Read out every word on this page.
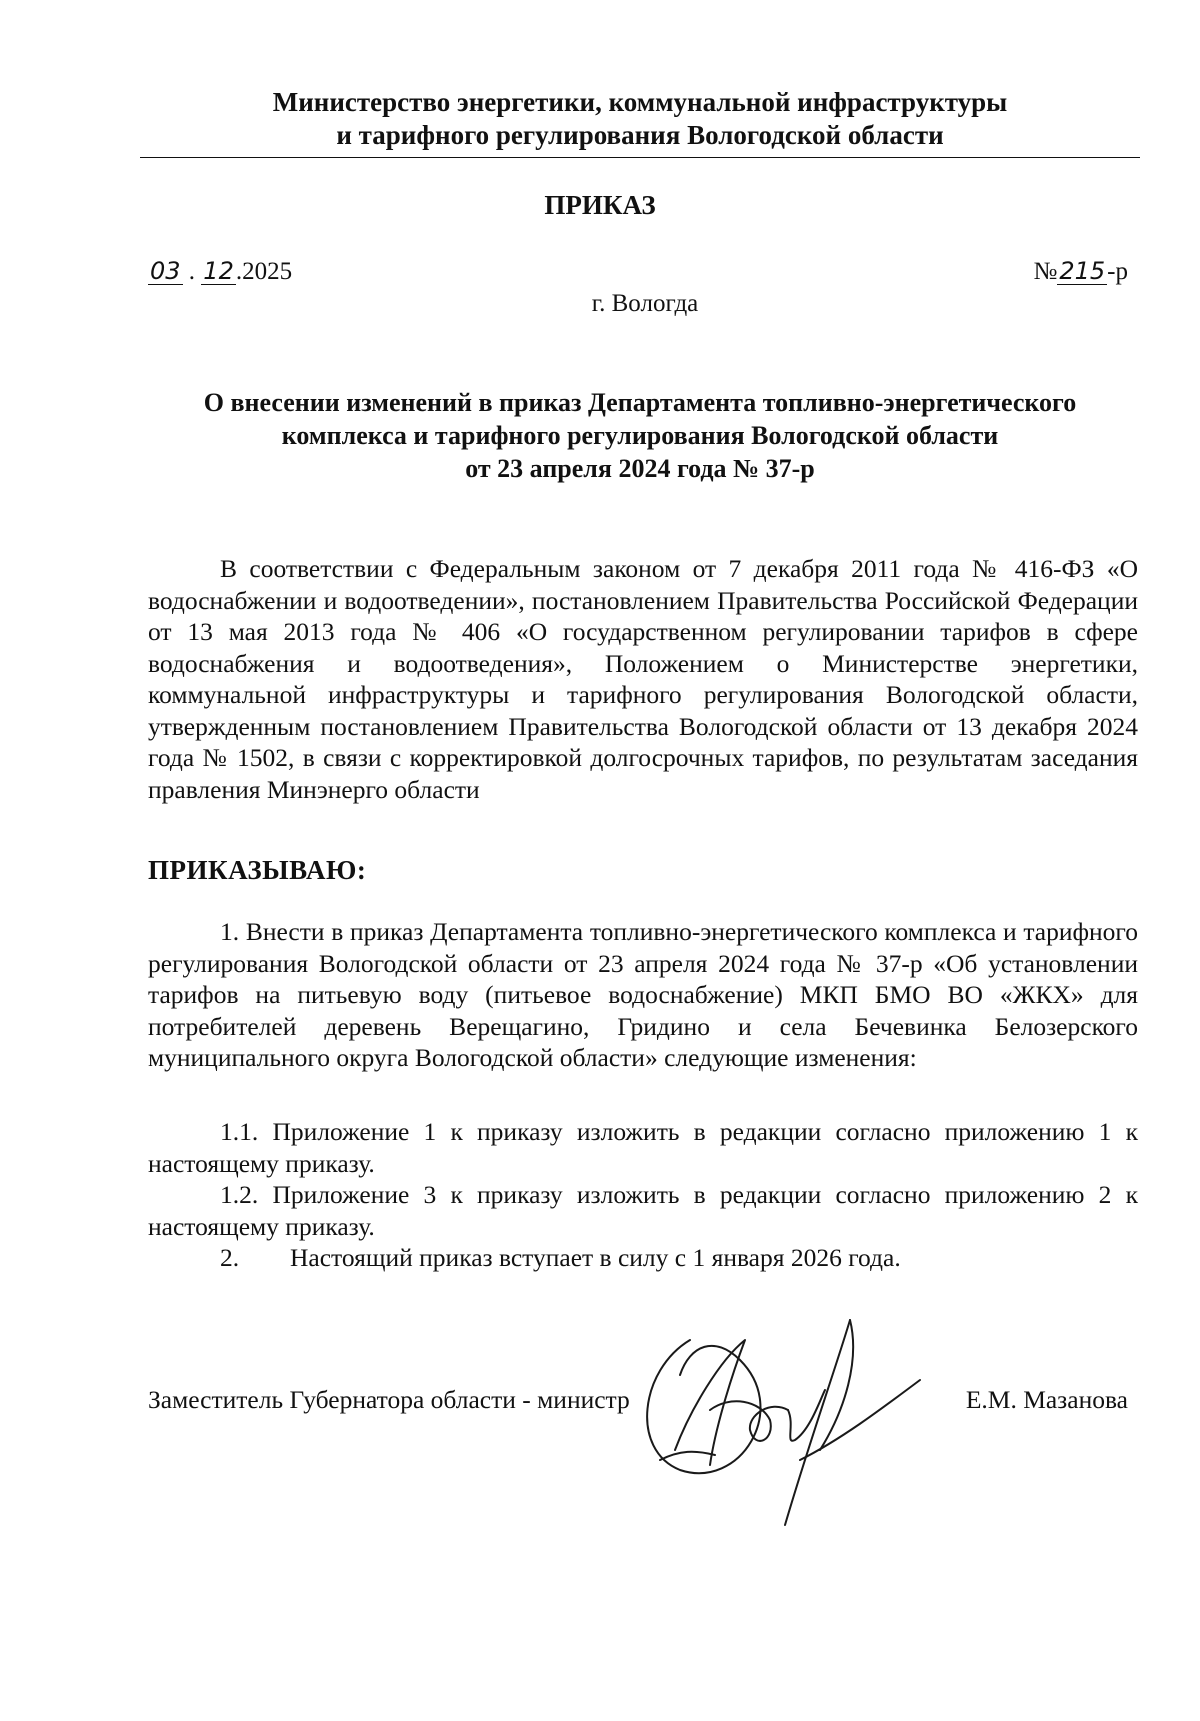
Министерство энергетики, коммунальной инфраструктуры
и тарифного регулирования Вологодской области
ПРИКАЗ
03 . 12.2025	№215-р
г. Вологда
О внесении изменений в приказ Департамента топливно-энергетического
комплекса и тарифного регулирования Вологодской области
от 23 апреля 2024 года № 37-р
В соответствии с Федеральным законом от 7 декабря 2011 года № 416-ФЗ «О водоснабжении и водоотведении», постановлением Правительства Российской Федерации от 13 мая 2013 года № 406 «О государственном регулировании тарифов в сфере водоснабжения и водоотведения», Положением о Министерстве энергетики, коммунальной инфраструктуры и тарифного регулирования Вологодской области, утвержденным постановлением Правительства Вологодской области от 13 декабря 2024 года № 1502, в связи с корректировкой долгосрочных тарифов, по результатам заседания правления Минэнерго области
ПРИКАЗЫВАЮ:
1. Внести в приказ Департамента топливно-энергетического комплекса и тарифного регулирования Вологодской области от 23 апреля 2024 года № 37-р «Об установлении тарифов на питьевую воду (питьевое водоснабжение) МКП БМО ВО «ЖКХ» для потребителей деревень Верещагино, Гридино и села Бечевинка Белозерского муниципального округа Вологодской области» следующие изменения:
1.1. Приложение 1 к приказу изложить в редакции согласно приложению 1 к настоящему приказу.
1.2. Приложение 3 к приказу изложить в редакции согласно приложению 2 к настоящему приказу.
2. Настоящий приказ вступает в силу с 1 января 2026 года.
Заместитель Губернатора области - министр	Е.М. Мазанова
